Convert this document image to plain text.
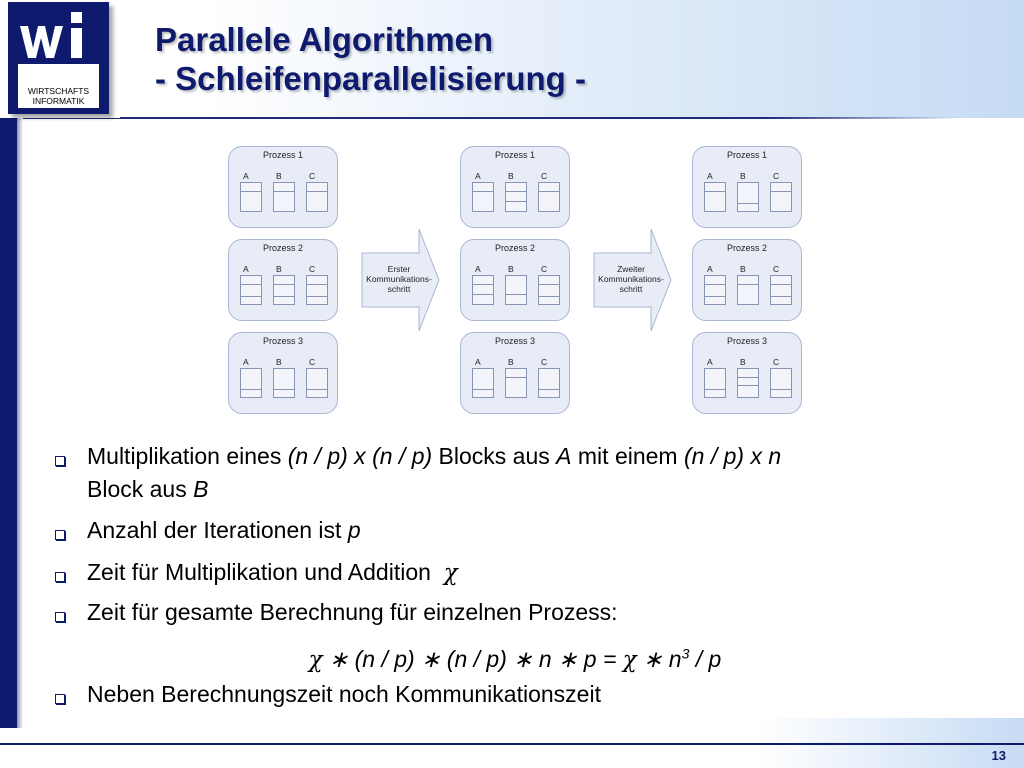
WIRTSCHAFTS
INFORMATIK
Parallele Algorithmen
- Schleifenparallelisierung -
Prozess 1
A	B	C
Prozess 2
A	B	C
Prozess 3
A	B	C
Prozess 1
A	B	C
Prozess 2
A	B	C
Prozess 3
A	B	C
Prozess 1
A	B	C
Prozess 2
A	B	C
Prozess 3
A	B	C
Erster
Kommunikations-
schritt
Zweiter
Kommunikations-
schritt
Multiplikation eines (n / p) x (n / p) Blocks aus A mit einem (n / p) x n
Block aus B
Anzahl der Iterationen ist p
Zeit für Multiplikation und Addition χ
Zeit für gesamte Berechnung für einzelnen Prozess:
χ ∗ (n / p) ∗ (n / p) ∗ n ∗ p = χ ∗ $n^3$ / p
Neben Berechnungszeit noch Kommunikationszeit
13
